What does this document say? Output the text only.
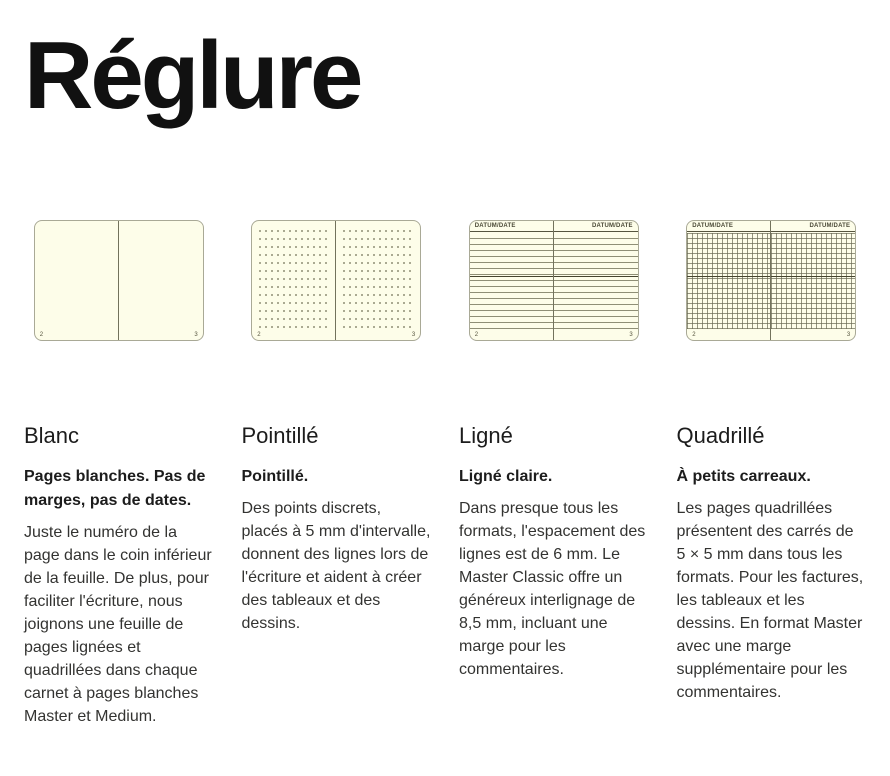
Réglure
2	3
Blanc

Pages blanches. Pas de marges, pas de dates.

Juste le numéro de la page dans le coin inférieur de la feuille. De plus, pour faciliter l'écriture, nous joignons une feuille de pages lignées et quadrillées dans chaque carnet à pages blanches Master et Medium.

2	3
Pointillé

Pointillé.

Des points discrets, placés à 5 mm d'intervalle, donnent des lignes lors de l'écriture et aident à créer des tableaux et des dessins.

DATUM/DATE
2
DATUM/DATE
3
Ligné

Ligné claire.

Dans presque tous les formats, l'espacement des lignes est de 6 mm. Le Master Classic offre un généreux interlignage de 8,5 mm, incluant une marge pour les commentaires.

DATUM/DATE
2
DATUM/DATE
3
Quadrillé

À petits carreaux.

Les pages quadrillées présentent des carrés de 5 × 5 mm dans tous les formats. Pour les factures, les tableaux et les dessins. En format Master avec une marge supplémentaire pour les commentaires.
